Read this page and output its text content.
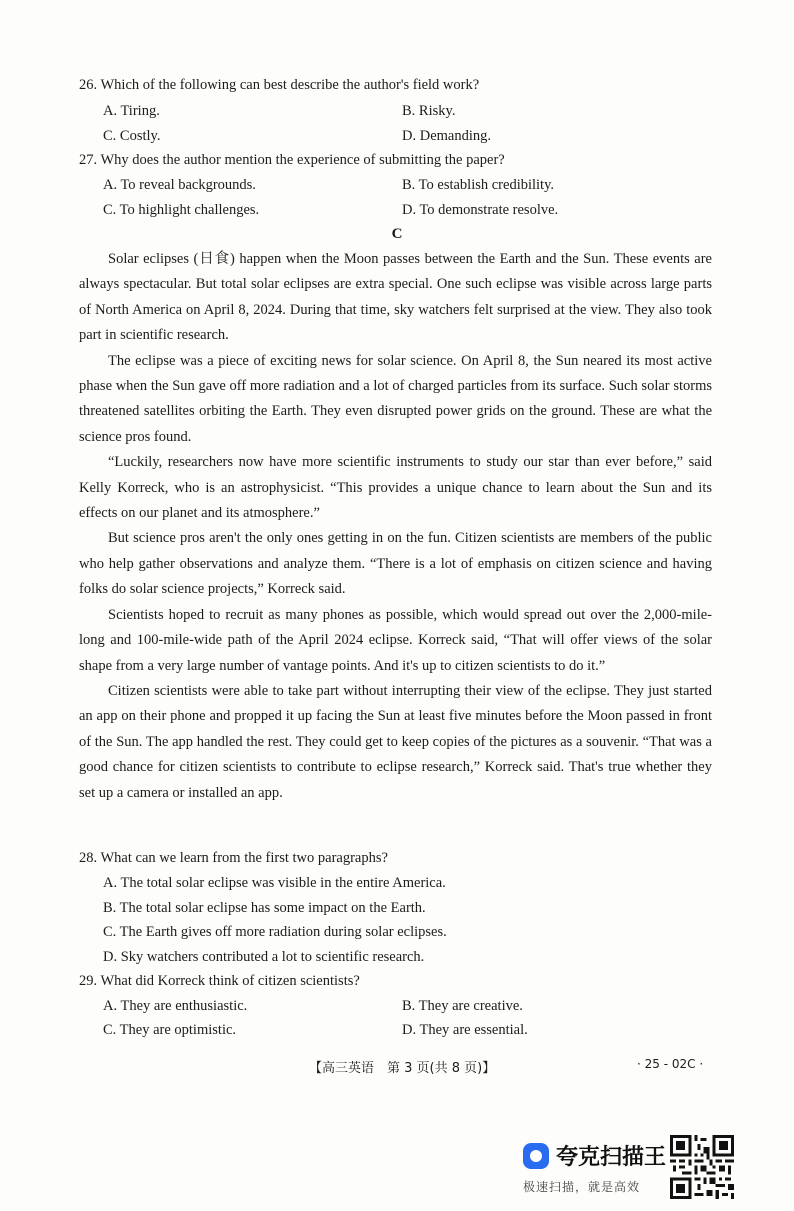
26. Which of the following can best describe the author's field work?
A. Tiring.	B. Risky.
C. Costly.	D. Demanding.
27. Why does the author mention the experience of submitting the paper?
A. To reveal backgrounds.	B. To establish credibility.
C. To highlight challenges.	D. To demonstrate resolve.
C

Solar eclipses (日食) happen when the Moon passes between the Earth and the Sun. These events are always spectacular. But total solar eclipses are extra special. One such eclipse was visible across large parts of North America on April 8, 2024. During that time, sky watchers felt surprised at the view. They also took part in scientific research.

The eclipse was a piece of exciting news for solar science. On April 8, the Sun neared its most active phase when the Sun gave off more radiation and a lot of charged particles from its surface. Such solar storms threatened satellites orbiting the Earth. They even disrupted power grids on the ground. These are what the science pros found.

“Luckily, researchers now have more scientific instruments to study our star than ever before,” said Kelly Korreck, who is an astrophysicist. “This provides a unique chance to learn about the Sun and its effects on our planet and its atmosphere.”

But science pros aren't the only ones getting in on the fun. Citizen scientists are members of the public who help gather observations and analyze them. “There is a lot of emphasis on citizen science and having folks do solar science projects,” Korreck said.

Scientists hoped to recruit as many phones as possible, which would spread out over the 2,000-mile-long and 100-mile-wide path of the April 2024 eclipse. Korreck said, “That will offer views of the solar shape from a very large number of vantage points. And it's up to citizen scientists to do it.”

Citizen scientists were able to take part without interrupting their view of the eclipse. They just started an app on their phone and propped it up facing the Sun at least five minutes before the Moon passed in front of the Sun. The app handled the rest. They could get to keep copies of the pictures as a souvenir. “That was a good chance for citizen scientists to contribute to eclipse research,” Korreck said. That's true whether they set up a camera or installed an app.

28. What can we learn from the first two paragraphs?
A. The total solar eclipse was visible in the entire America.
B. The total solar eclipse has some impact on the Earth.
C. The Earth gives off more radiation during solar eclipses.
D. Sky watchers contributed a lot to scientific research.
29. What did Korreck think of citizen scientists?
A. They are enthusiastic.	B. They are creative.
C. They are optimistic.	D. They are essential.
【高三英语　第 3 页(共 8 页)】	· 25 - 02C ·
夸克扫描王
极速扫描，就是高效
